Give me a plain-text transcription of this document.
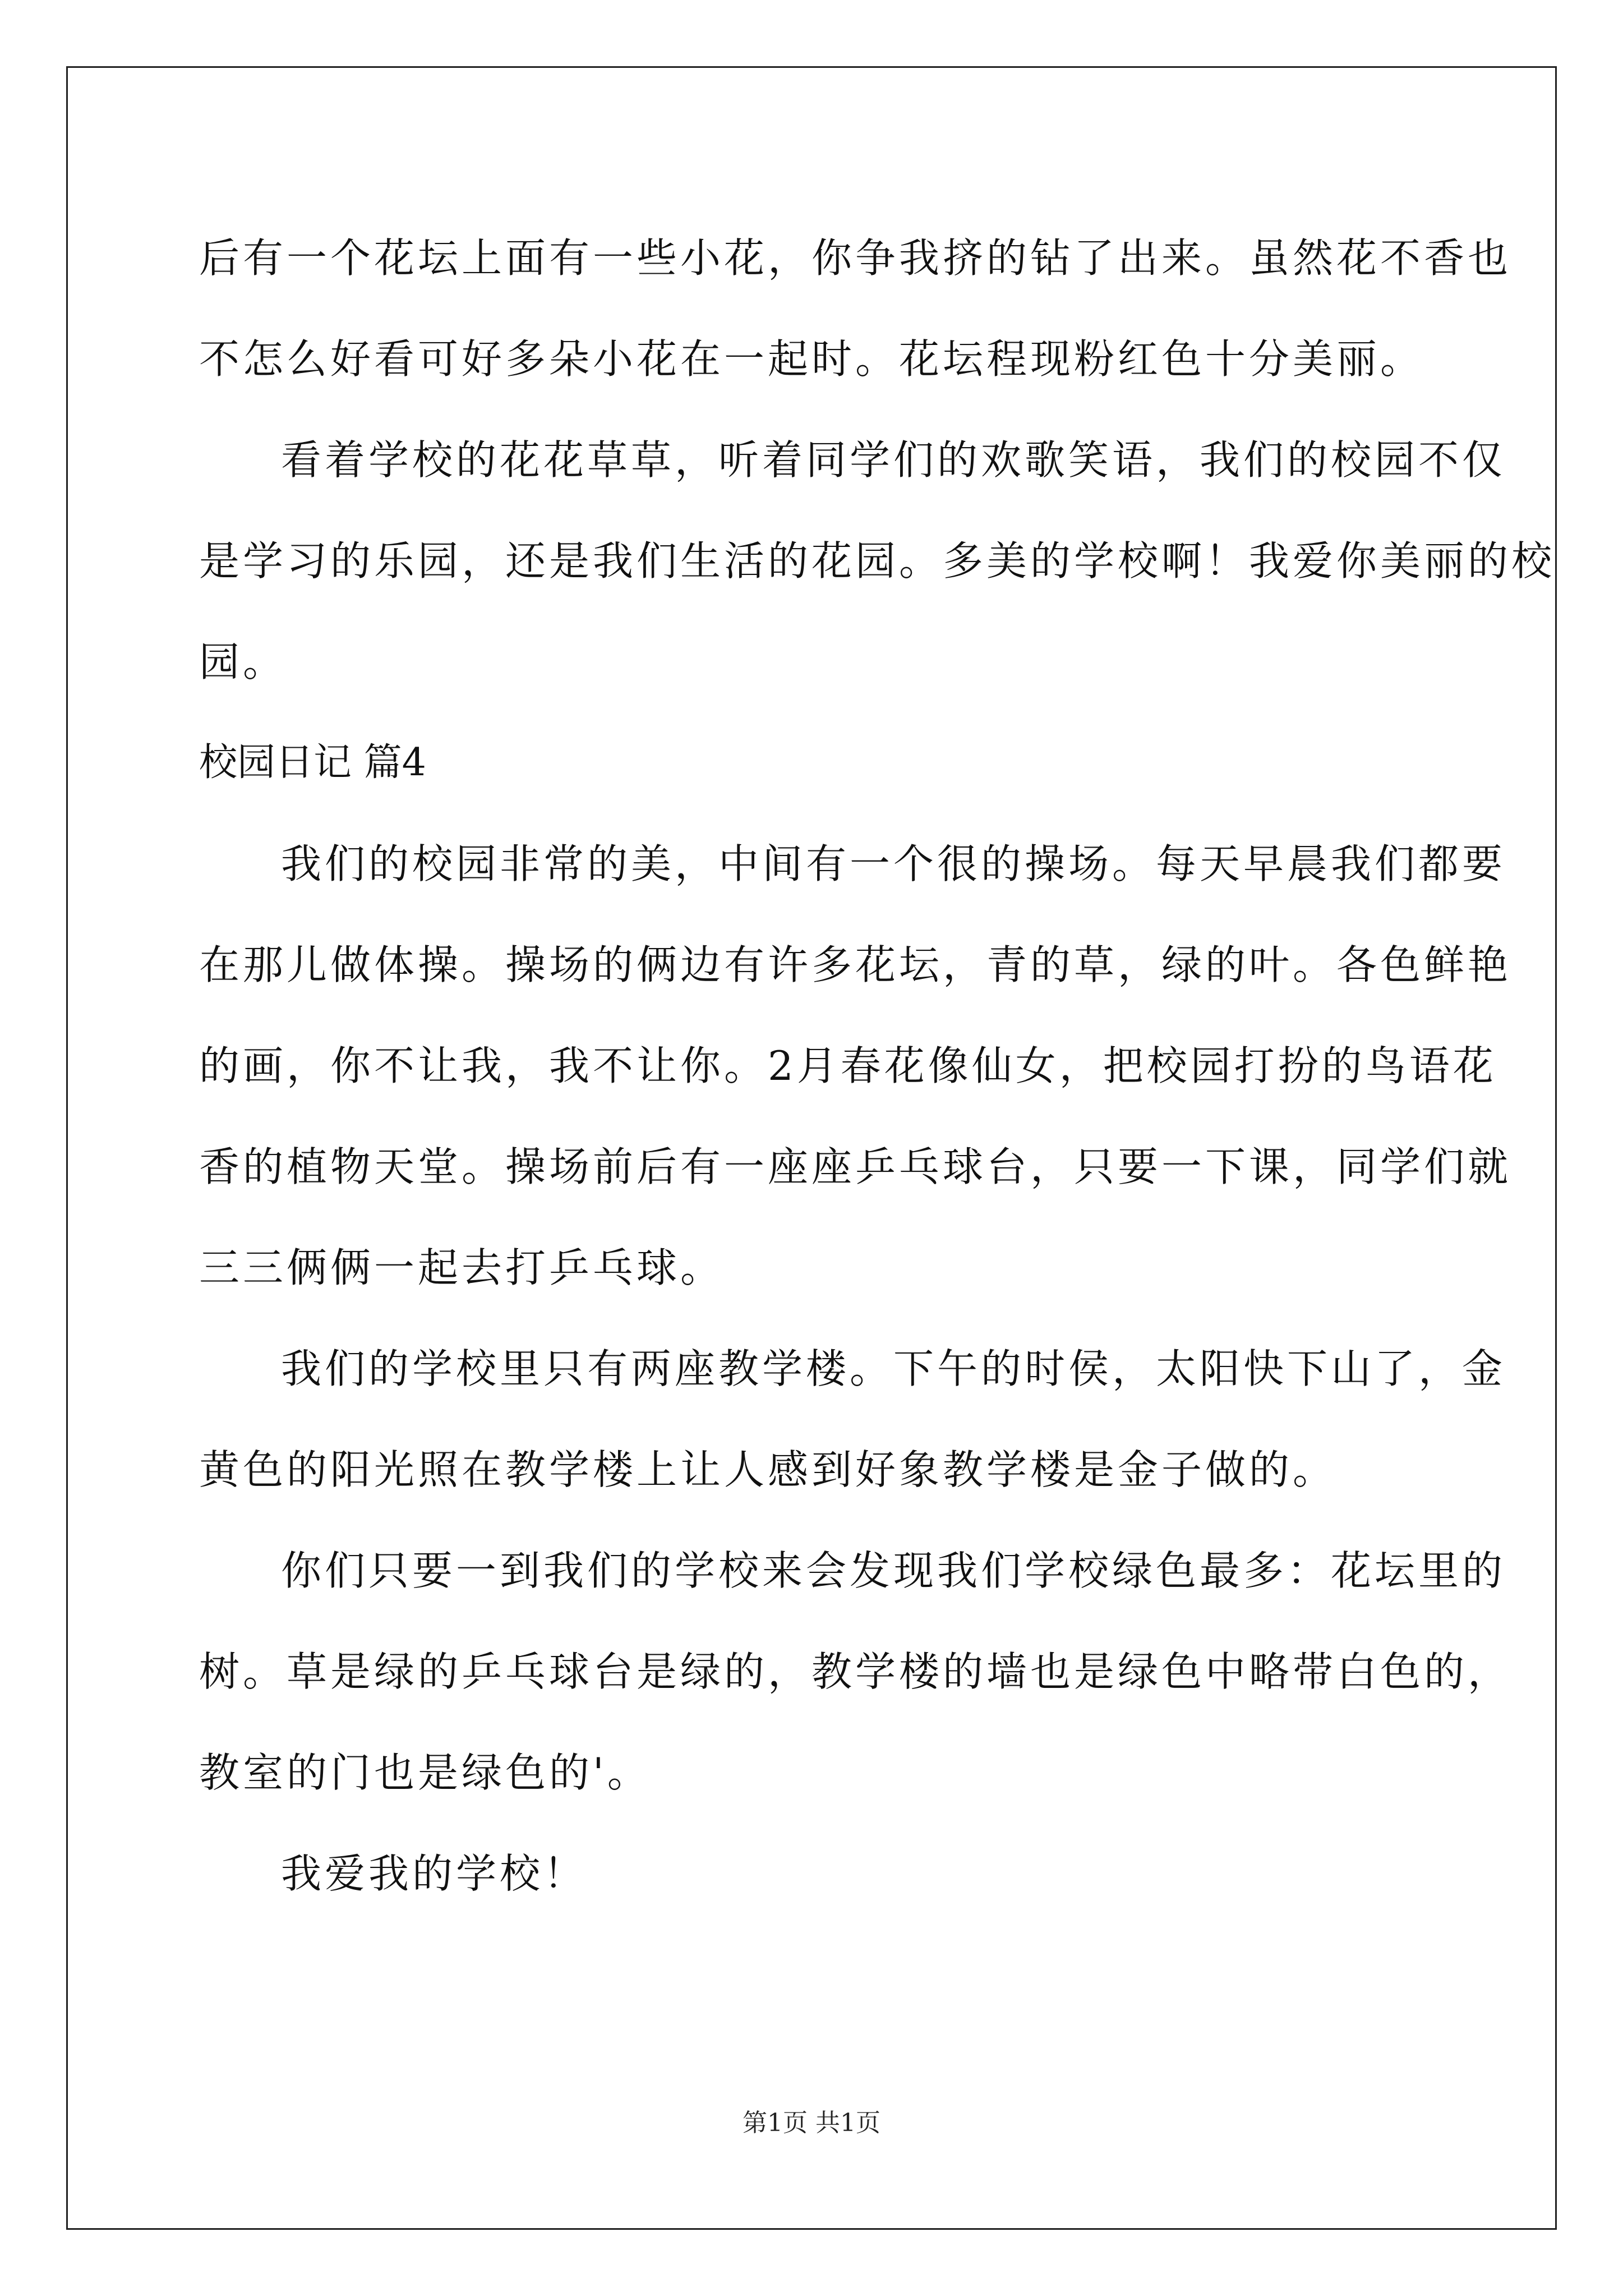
后有一个花坛上面有一些小花，你争我挤的钻了出来。虽然花不香也
不怎么好看可好多朵小花在一起时。花坛程现粉红色十分美丽。
看着学校的花花草草，听着同学们的欢歌笑语，我们的校园不仅
是学习的乐园，还是我们生活的花园。多美的学校啊！我爱你美丽的校
园。
校园日记 篇4
我们的校园非常的美，中间有一个很的操场。每天早晨我们都要
在那儿做体操。操场的俩边有许多花坛，青的草，绿的叶。各色鲜艳
的画，你不让我，我不让你。2月春花像仙女，把校园打扮的鸟语花
香的植物天堂。操场前后有一座座乒乓球台，只要一下课，同学们就
三三俩俩一起去打乒乓球。
我们的学校里只有两座教学楼。下午的时侯，太阳快下山了，金
黄色的阳光照在教学楼上让人感到好象教学楼是金子做的。
你们只要一到我们的学校来会发现我们学校绿色最多：花坛里的
树。草是绿的乒乓球台是绿的，教学楼的墙也是绿色中略带白色的，
教室的门也是绿色的'。
我爱我的学校！
第1页 共1页
